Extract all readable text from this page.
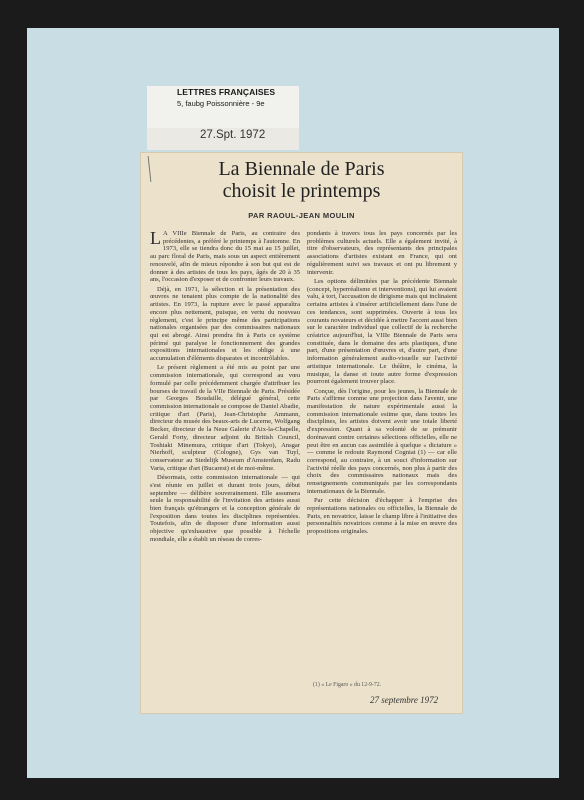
LETTRES FRANÇAISES
5, faubg Poissonnière - 9e
27.Spt. 1972
La Biennale de Paris
choisit le printemps
PAR RAOUL-JEAN MOULIN

L A VIIIe Biennale de Paris, au contraire des précédentes, a préféré le printemps à l'automne. En 1973, elle se tiendra donc du 15 mai au 15 juillet, au parc floral de Paris, mais sous un aspect entièrement renouvelé, afin de mieux répondre à son but qui est de donner à des artistes de tous les pays, âgés de 20 à 35 ans, l'occasion d'exposer et de confronter leurs travaux.

Déjà, en 1971, la sélection et la présentation des œuvres ne tenaient plus compte de la nationalité des artistes. En 1973, la rupture avec le passé apparaîtra encore plus nettement, puisque, en vertu du nouveau règlement, c'est le principe même des participations nationales organisées par des commissaires nationaux qui est abrogé. Ainsi prendra fin à Paris ce système périmé qui paralyse le fonctionnement des grandes expositions internationales et les oblige à une accumulation d'éléments disparates et incontrôlables.

Le présent règlement a été mis au point par une commission internationale, qui correspond au vœu formulé par celle précédemment chargée d'attribuer les bourses de travail de la VIIe Biennale de Paris. Présidée par Georges Boudaille, délégué général, cette commission internationale se compose de Daniel Abadie, critique d'art (Paris), Jean-Christophe Ammann, directeur du musée des beaux-arts de Lucerne, Wolfgang Becker, directeur de la Neue Galerie d'Aix-la-Chapelle, Gerald Forty, directeur adjoint du British Council, Toshiaki Minemura, critique d'art (Tokyo), Ansgar Nierhoff, sculpteur (Cologne), Gys van Tuyl, conservateur au Stedelijk Museum d'Amsterdam, Radu Varia, critique d'art (Bucarest) et de moi-même.

Désormais, cette commission internationale — qui s'est réunie en juillet et durant trois jours, début septembre — délibère souverainement. Elle assumera seule la responsabilité de l'invitation des artistes aussi bien français qu'étrangers et la conception générale de l'exposition dans toutes les disciplines représentées. Toutefois, afin de disposer d'une information aussi objective qu'exhaustive que possible à l'échelle mondiale, elle a établi un réseau de corres-

pondants à travers tous les pays concernés par les problèmes culturels actuels. Elle a également invité, à titre d'observateurs, des représentants des principales associations d'artistes existant en France, qui ont régulièrement suivi ses travaux et ont pu librement y intervenir.

Les options délimitées par la précédente Biennale (concept, hyperréalisme et interventions), qui lui avaient valu, à tort, l'accusation de dirigisme mais qui inclinaient certains artistes à s'insérer artificiellement dans l'une de ces tendances, sont supprimées. Ouverte à tous les courants novateurs et décidée à mettre l'accent aussi bien sur le caractère individuel que collectif de la recherche créatrice aujourd'hui, la VIIIe Biennale de Paris sera constituée, dans le domaine des arts plastiques, d'une part, d'une présentation d'œuvres et, d'autre part, d'une information généralement audio-visuelle sur l'activité artistique internationale. Le théâtre, le cinéma, la musique, la danse et toute autre forme d'expression pourront également trouver place.

Conçue, dès l'origine, pour les jeunes, la Biennale de Paris s'affirme comme une projection dans l'avenir, une manifestation de nature expérimentale aussi la commission internationale estime que, dans toutes les disciplines, les artistes doivent avoir une totale liberté d'expression. Quant à sa volonté de se prémunir dorénavant contre certaines sélections officielles, elle ne peut être en aucun cas assimilée à quelque « dictature » — comme le redoute Raymond Cogniat (1) — car elle correspond, au contraire, à un souci d'information sur l'activité réelle des pays concernés, non plus à partir des choix des commissaires nationaux mais des renseignements communiqués par les correspondants internationaux de la Biennale.

Par cette décision d'échapper à l'emprise des représentations nationales ou officielles, la Biennale de Paris, en novatrice, laisse le champ libre à l'initiative des personnalités novatrices comme à la mise en œuvre des propositions originales.

(1) « Le Figaro » du 12-9-72.
27 septembre 1972
